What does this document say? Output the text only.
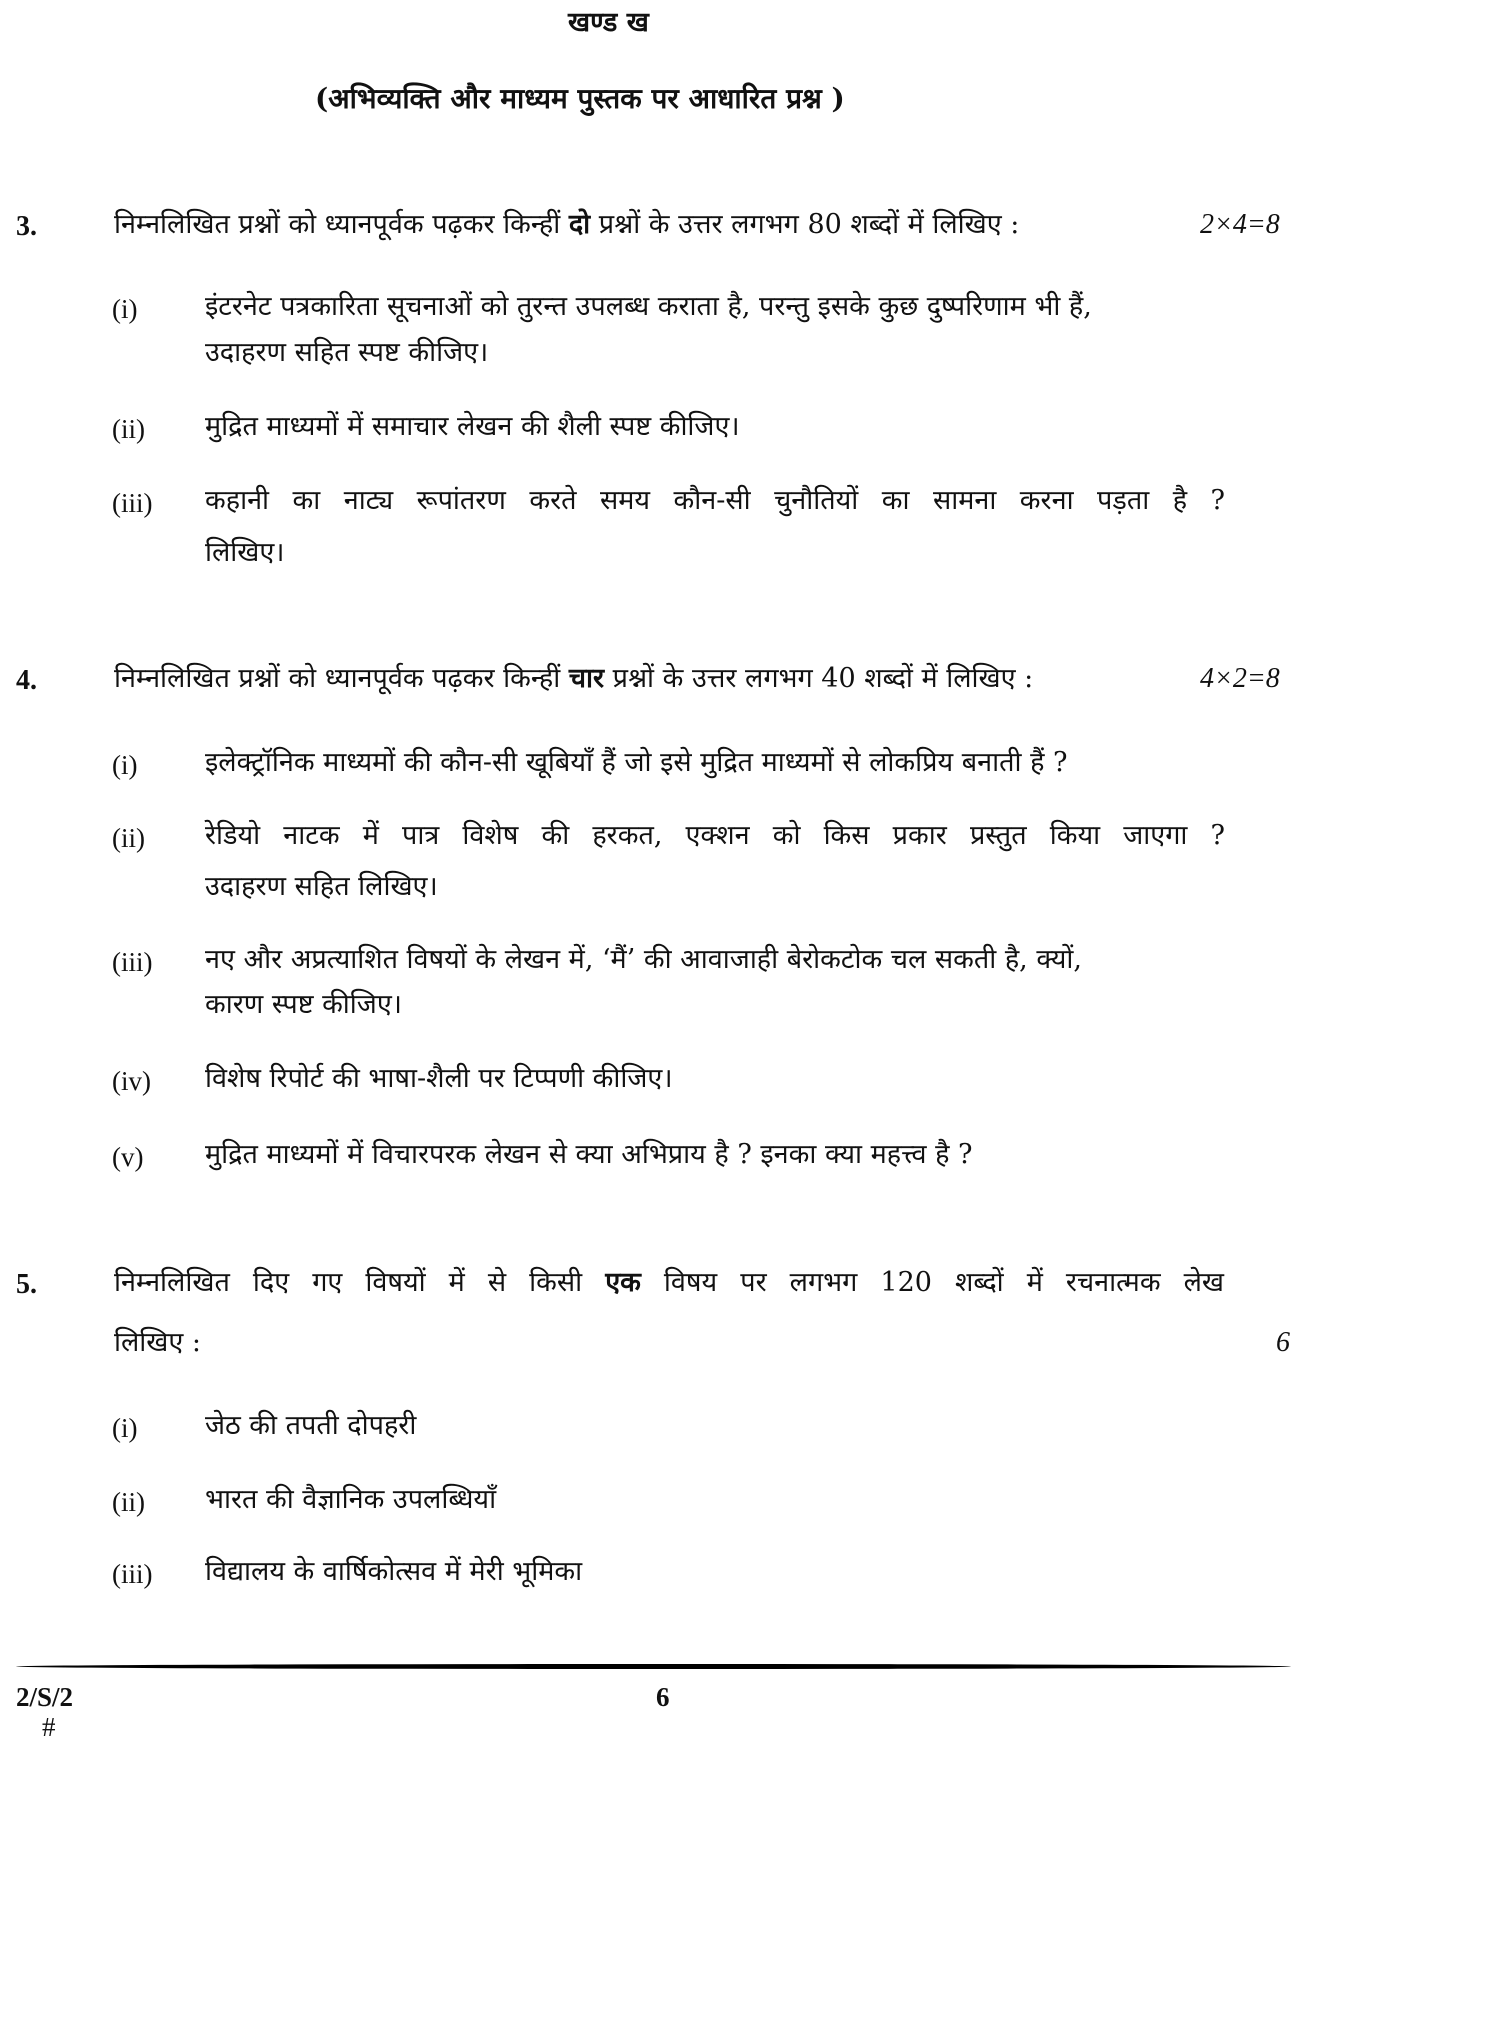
खण्ड ख
(अभिव्यक्ति और माध्यम पुस्तक पर आधारित प्रश्न )
3.	निम्नलिखित प्रश्नों को ध्यानपूर्वक पढ़कर किन्हीं दो प्रश्नों के उत्तर लगभग 80 शब्दों में लिखिए :	2×4=8
(i)	इंटरनेट पत्रकारिता सूचनाओं को तुरन्त उपलब्ध कराता है, परन्तु इसके कुछ दुष्परिणाम भी हैं,
उदाहरण सहित स्पष्ट कीजिए।
(ii) मुद्रित माध्यमों में समाचार लेखन की शैली स्पष्ट कीजिए।
(iii) कहानी का नाट्य रूपांतरण करते समय कौन-सी चुनौतियों का सामना करना पड़ता है ?
लिखिए।
4.	निम्नलिखित प्रश्नों को ध्यानपूर्वक पढ़कर किन्हीं चार प्रश्नों के उत्तर लगभग 40 शब्दों में लिखिए :	4×2=8
(i)	इलेक्ट्रॉनिक माध्यमों की कौन-सी खूबियाँ हैं जो इसे मुद्रित माध्यमों से लोकप्रिय बनाती हैं ?
(ii) रेडियो नाटक में पात्र विशेष की हरकत, एक्शन को किस प्रकार प्रस्तुत किया जाएगा ?
उदाहरण सहित लिखिए।
(iii) नए और अप्रत्याशित विषयों के लेखन में, ‘मैं’ की आवाजाही बेरोकटोक चल सकती है, क्यों,
कारण स्पष्ट कीजिए।
(iv) विशेष रिपोर्ट की भाषा-शैली पर टिप्पणी कीजिए।
(v) मुद्रित माध्यमों में विचारपरक लेखन से क्या अभिप्राय है ? इनका क्या महत्त्व है ?
5.	निम्नलिखित दिए गए विषयों में से किसी एक विषय पर लगभग 120 शब्दों में रचनात्मक लेख
लिखिए :	6
(i)	जेठ की तपती दोपहरी
(ii) भारत की वैज्ञानिक उपलब्धियाँ
(iii) विद्यालय के वार्षिकोत्सव में मेरी भूमिका
2/S/2	6
#
